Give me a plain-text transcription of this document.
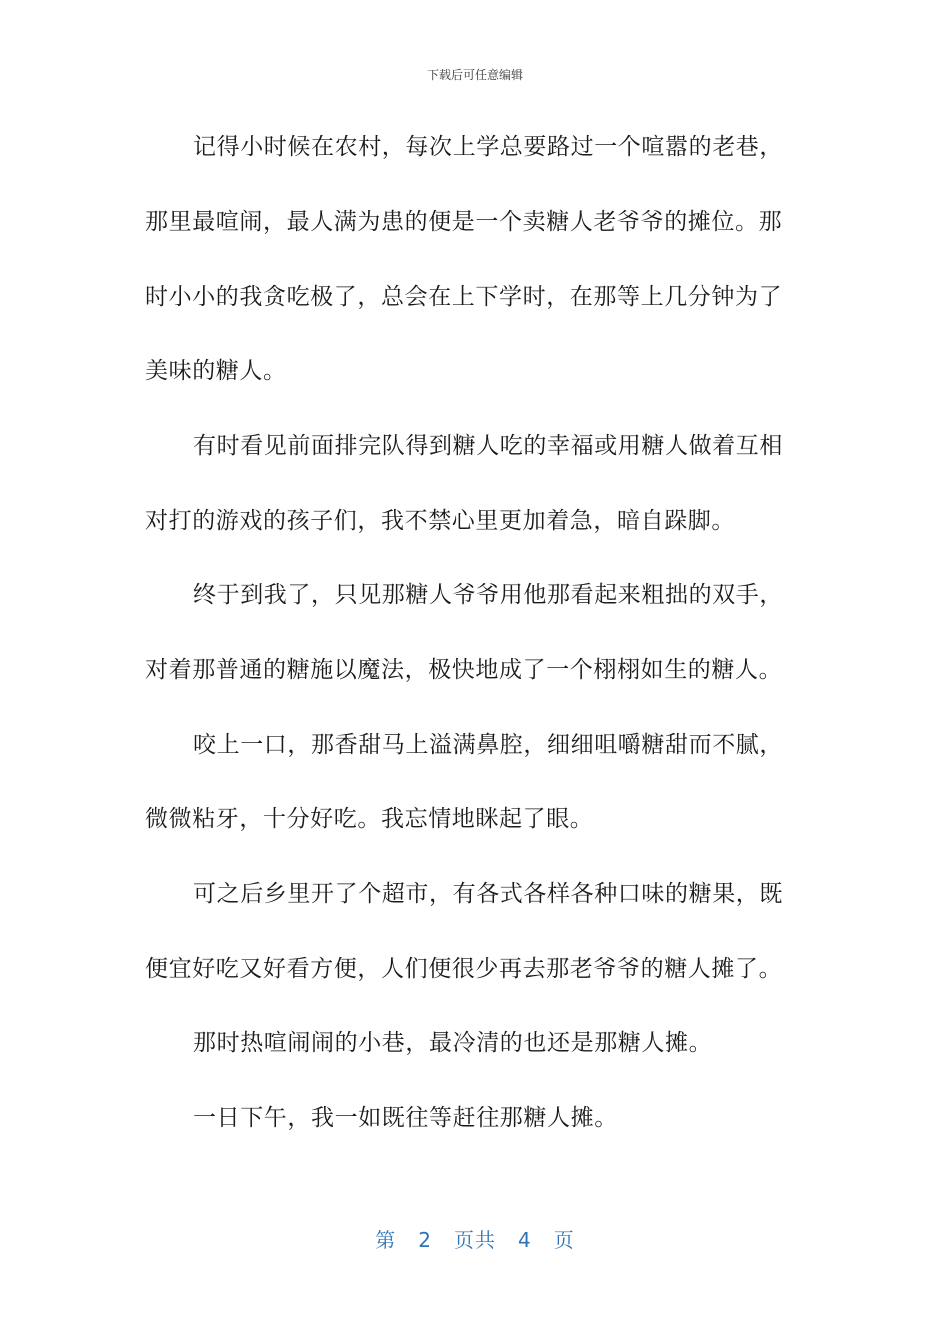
下载后可任意编辑
记得小时候在农村，每次上学总要路过一个喧嚣的老巷，
那里最喧闹，最人满为患的便是一个卖糖人老爷爷的摊位。那
时小小的我贪吃极了，总会在上下学时，在那等上几分钟为了
美味的糖人。
有时看见前面排完队得到糖人吃的幸福或用糖人做着互相
对打的游戏的孩子们，我不禁心里更加着急，暗自跺脚。
终于到我了，只见那糖人爷爷用他那看起来粗拙的双手，
对着那普通的糖施以魔法，极快地成了一个栩栩如生的糖人。
咬上一口，那香甜马上溢满鼻腔，细细咀嚼糖甜而不腻，
微微粘牙，十分好吃。我忘情地眯起了眼。
可之后乡里开了个超市，有各式各样各种口味的糖果，既
便宜好吃又好看方便，人们便很少再去那老爷爷的糖人摊了。
那时热喧闹闹的小巷，最冷清的也还是那糖人摊。
一日下午，我一如既往等赶往那糖人摊。
第 2 页共 4 页
